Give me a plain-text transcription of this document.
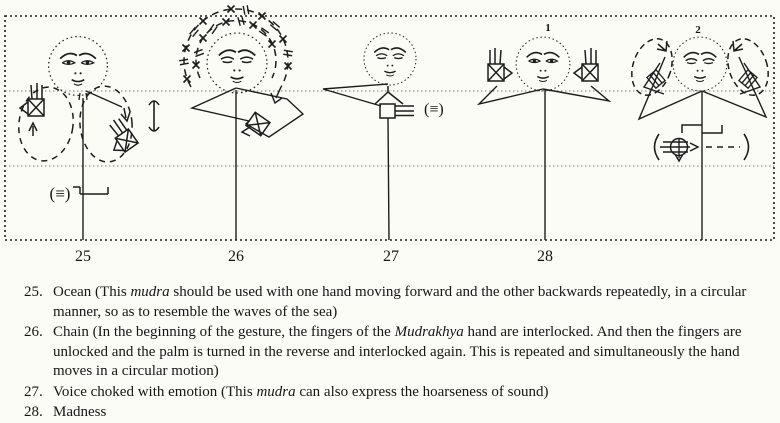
(≡)
(≡)
1	2
25	26	27	28
25. Ocean (This mudra should be used with one hand moving forward and the other backwards repeatedly, in a circular manner, so as to resemble the waves of the sea)
26. Chain (In the beginning of the gesture, the fingers of the Mudrakhya hand are interlocked. And then the fingers are unlocked and the palm is turned in the reverse and interlocked again. This is repeated and simultaneously the hand moves in a circular motion)
27. Voice choked with emotion (This mudra can also express the hoarseness of sound)
28. Madness
